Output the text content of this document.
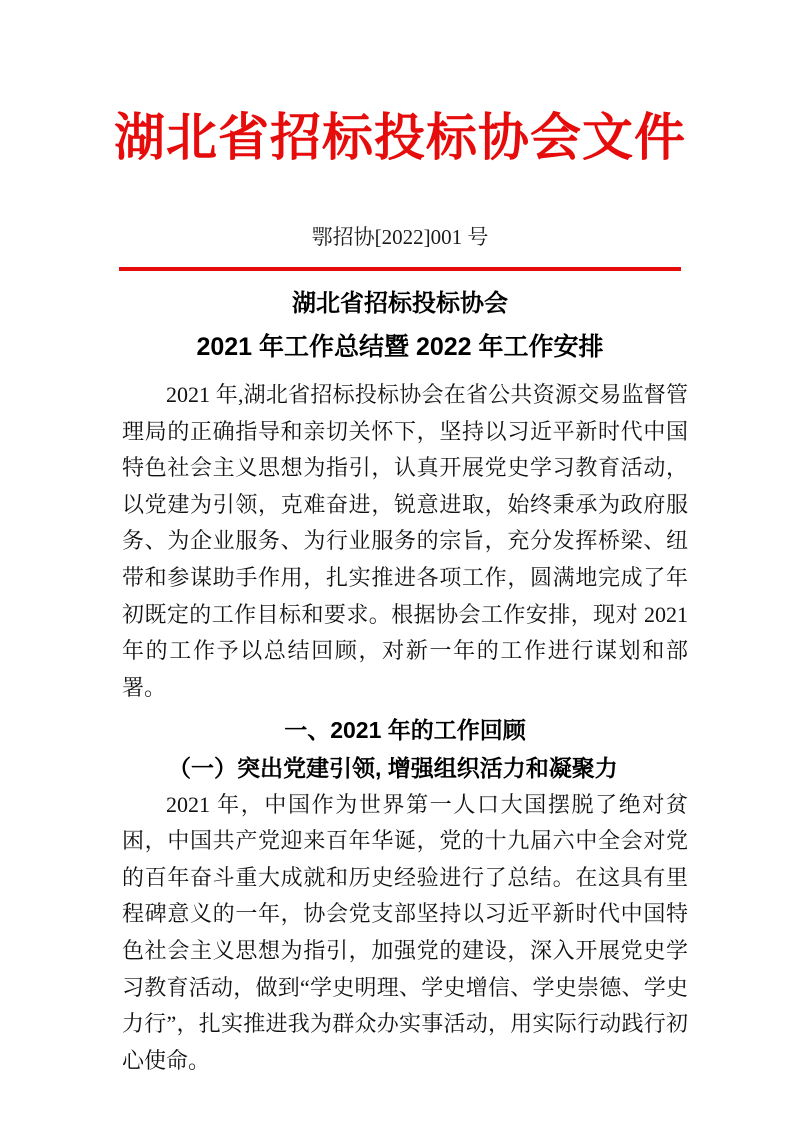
湖北省招标投标协会文件
鄂招协[2022]001 号
湖北省招标投标协会
2021 年工作总结暨 2022 年工作安排

2021 年,湖北省招标投标协会在省公共资源交易监督管理局的正确指导和亲切关怀下，坚持以习近平新时代中国特色社会主义思想为指引，认真开展党史学习教育活动，以党建为引领，克难奋进，锐意进取，始终秉承为政府服务、为企业服务、为行业服务的宗旨，充分发挥桥梁、纽带和参谋助手作用，扎实推进各项工作，圆满地完成了年初既定的工作目标和要求。根据协会工作安排，现对 2021 年的工作予以总结回顾，对新一年的工作进行谋划和部署。

一、2021 年的工作回顾

（一）突出党建引领, 增强组织活力和凝聚力

2021 年，中国作为世界第一人口大国摆脱了绝对贫困，中国共产党迎来百年华诞，党的十九届六中全会对党的百年奋斗重大成就和历史经验进行了总结。在这具有里程碑意义的一年，协会党支部坚持以习近平新时代中国特色社会主义思想为指引，加强党的建设，深入开展党史学习教育活动，做到“学史明理、学史增信、学史崇德、学史力行”，扎实推进我为群众办实事活动，用实际行动践行初心使命。
